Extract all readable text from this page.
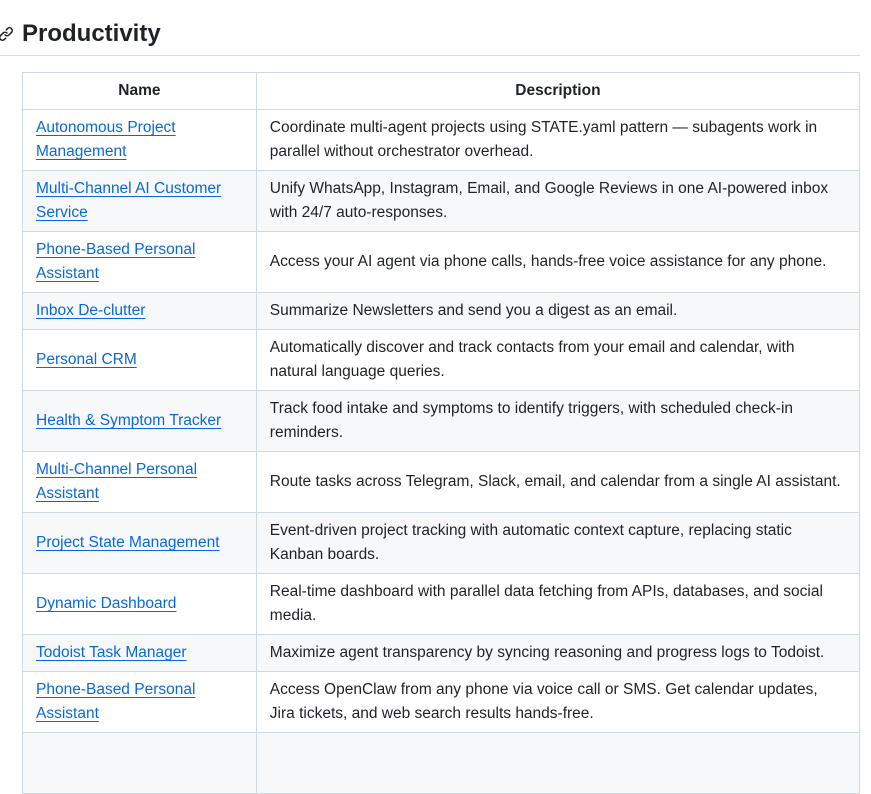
Productivity
Name	Description
Autonomous Project Management	Coordinate multi-agent projects using STATE.yaml pattern — subagents work in parallel without orchestrator overhead.
Multi-Channel AI Customer Service	Unify WhatsApp, Instagram, Email, and Google Reviews in one AI-powered inbox with 24/7 auto-responses.
Phone-Based Personal Assistant	Access your AI agent via phone calls, hands-free voice assistance for any phone.
Inbox De-clutter	Summarize Newsletters and send you a digest as an email.
Personal CRM	Automatically discover and track contacts from your email and calendar, with natural language queries.
Health & Symptom Tracker	Track food intake and symptoms to identify triggers, with scheduled check-in reminders.
Multi-Channel Personal Assistant	Route tasks across Telegram, Slack, email, and calendar from a single AI assistant.
Project State Management	Event-driven project tracking with automatic context capture, replacing static Kanban boards.
Dynamic Dashboard	Real-time dashboard with parallel data fetching from APIs, databases, and social media.
Todoist Task Manager	Maximize agent transparency by syncing reasoning and progress logs to Todoist.
Phone-Based Personal Assistant	Access OpenClaw from any phone via voice call or SMS. Get calendar updates, Jira tickets, and web search results hands-free.
